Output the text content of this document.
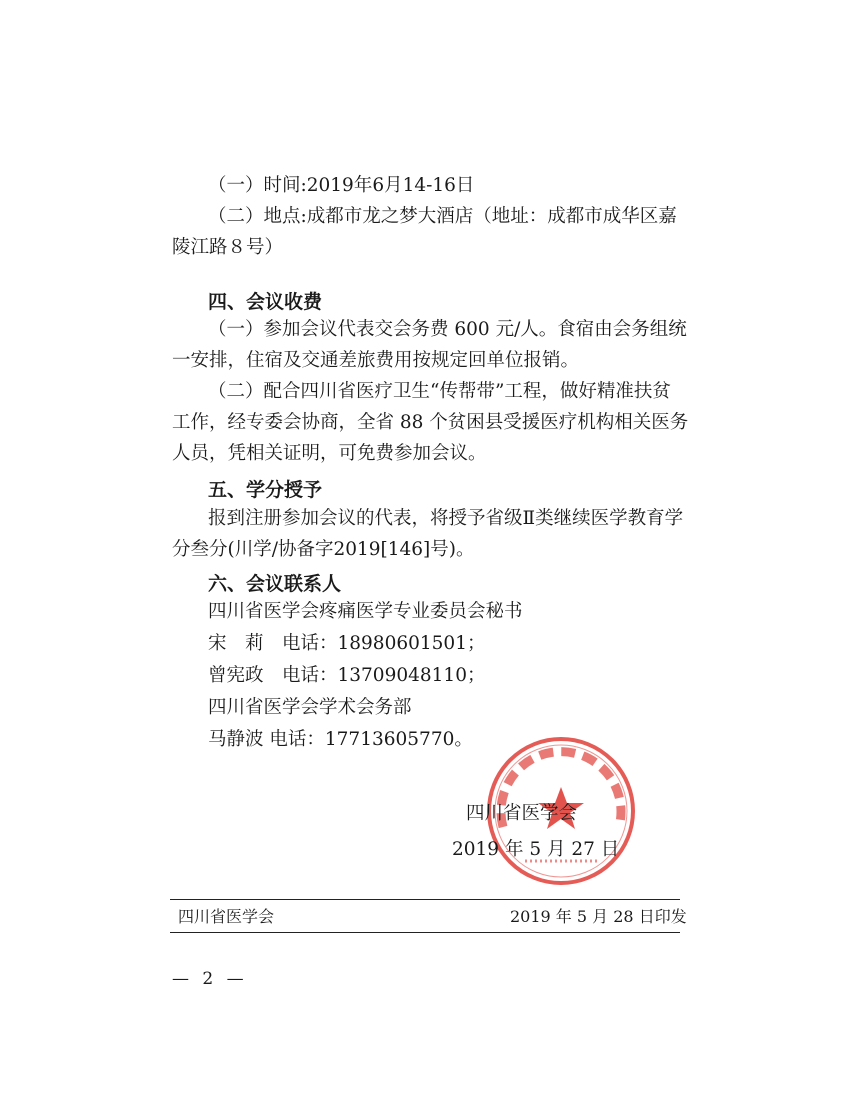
（一）时间:2019年6月14-16日
（二）地点:成都市龙之梦大酒店（地址：成都市成华区嘉
陵江路８号）
四、会议收费
（一）参加会议代表交会务费 600 元/人。食宿由会务组统
一安排，住宿及交通差旅费用按规定回单位报销。
（二）配合四川省医疗卫生“传帮带”工程，做好精准扶贫
工作，经专委会协商，全省 88 个贫困县受援医疗机构相关医务
人员，凭相关证明，可免费参加会议。
五、学分授予
报到注册参加会议的代表，将授予省级Ⅱ类继续医学教育学
分叁分(川学/协备字2019[146]号)。
六、会议联系人
四川省医学会疼痛医学专业委员会秘书
宋　莉　电话：18980601501；
曾宪政　电话：13709048110；
四川省医学会学术会务部
马静波 电话：17713605770。
四川省医学会
2019 年 5 月 27 日
四川省医学会	2019 年 5 月 28 日印发
— 2 —
